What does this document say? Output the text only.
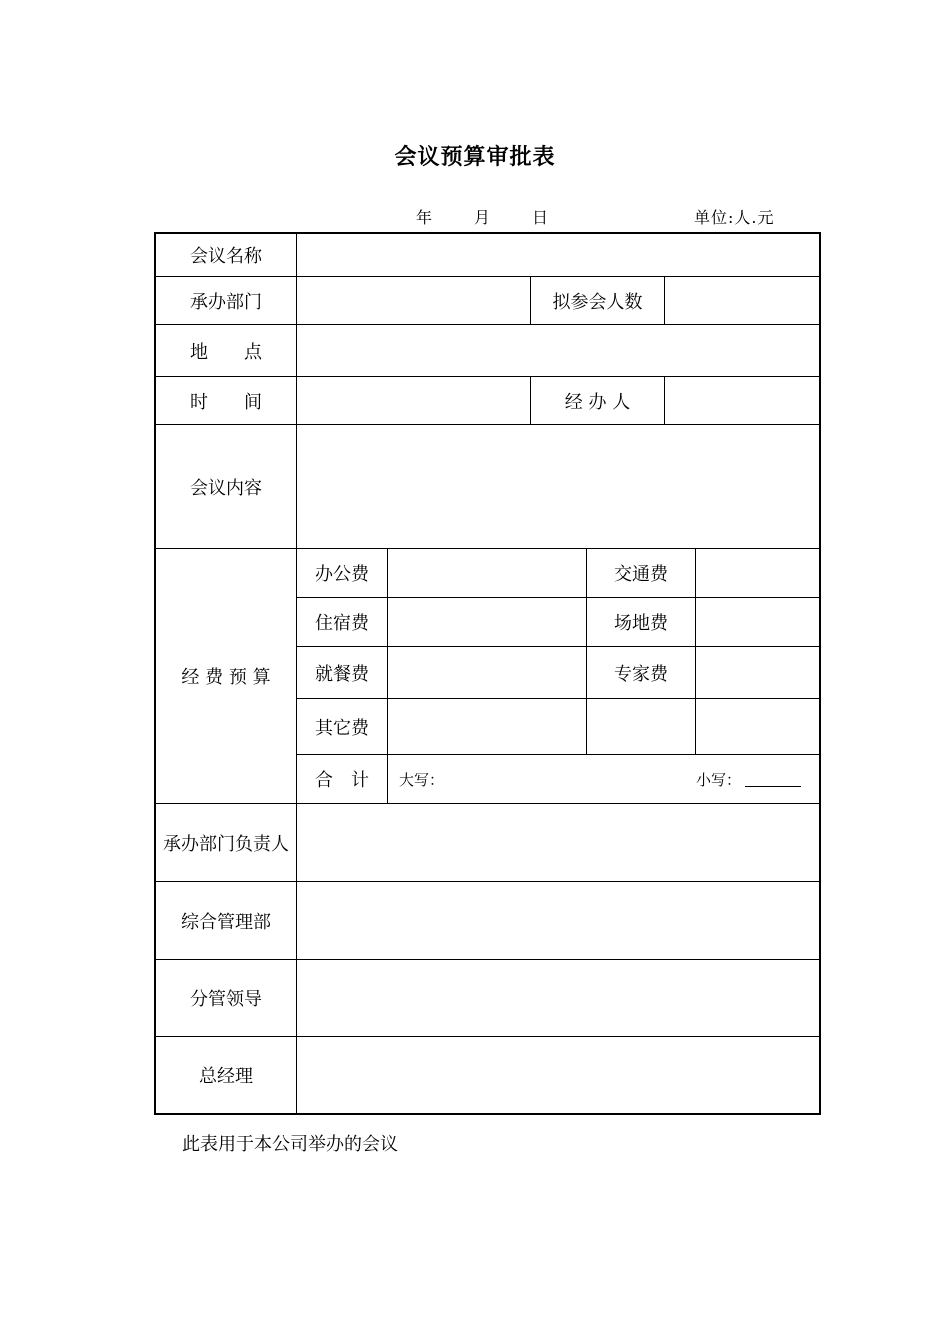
会议预算审批表
年	月	日	单位:人.元
会议名称
承办部门	拟参会人数
地　　点
时　　间	经 办 人
会议内容
经 费 预 算
办公费	交通费
住宿费	场地费
就餐费	专家费
其它费
合　计	大写：	小写：
承办部门负责人
综合管理部
分管领导
总经理
此表用于本公司举办的会议
